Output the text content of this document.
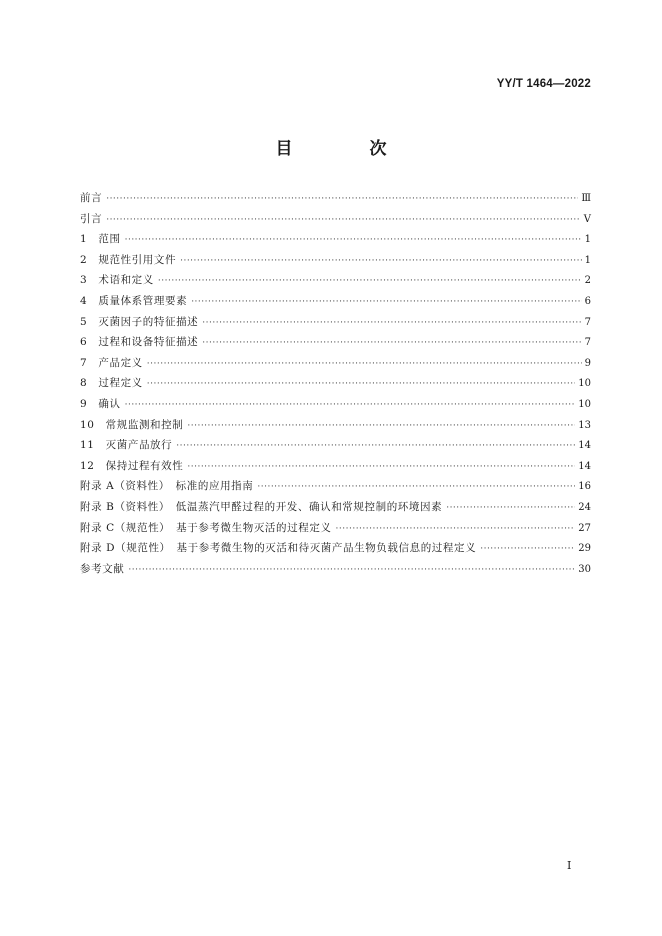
YY/T 1464—2022
目　次
前言 ·····	Ⅲ
引言 ·····	Ⅴ
1　范围 ·····	1
2　规范性引用文件 ·····	1
3　术语和定义 ·····	2
4　质量体系管理要素 ·····	6
5　灭菌因子的特征描述 ·····	7
6　过程和设备特征描述 ·····	7
7　产品定义 ·····	9
8　过程定义 ·····	10
9　确认 ·····	10
10　常规监测和控制 ·····	13
11　灭菌产品放行 ·····	14
12　保持过程有效性 ·····	14
附录 A（资料性）　标准的应用指南 ·····	16
附录 B（资料性）　低温蒸汽甲醛过程的开发、确认和常规控制的环境因素 ·····	24
附录 C（规范性）　基于参考微生物灭活的过程定义 ·····	27
附录 D（规范性）　基于参考微生物的灭活和待灭菌产品生物负载信息的过程定义 ·····	29
参考文献 ·····	30
Ⅰ
